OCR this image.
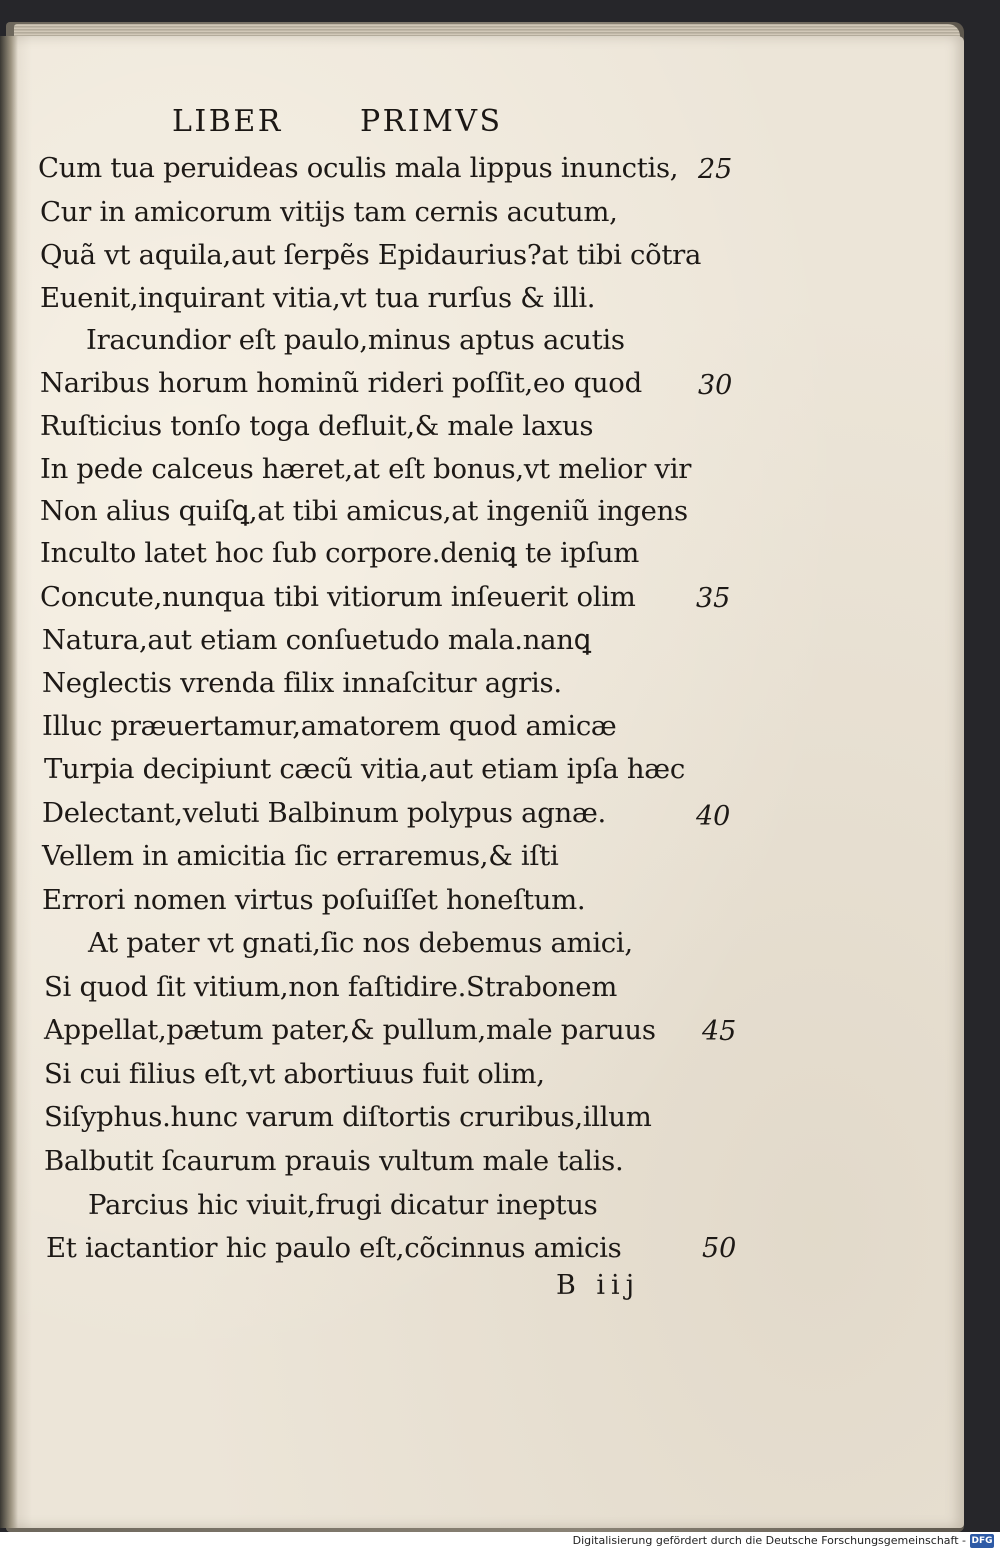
LIBER	PRIMVS
Cum tua peruideas oculis mala lippus inunctis,
Cur in amicorum vitijs tam cernis acutum,
Quã vt aquila,aut ſerpẽs Epidaurius?at tibi cõtra
Euenit,inquirant vitia,vt tua rurſus & illi.
Iracundior eſt paulo,minus aptus acutis
Naribus horum hominũ rideri poſſit,eo quod
Ruſticius tonſo toga defluit,& male laxus
In pede calceus hæret,at eſt bonus,vt melior vir
Non alius quiſꝗ,at tibi amicus,at ingeniũ ingens
Inculto latet hoc ſub corpore.deniꝗ te ipſum
Concute,nunqua tibi vitiorum inſeuerit olim
Natura,aut etiam conſuetudo mala.nanꝗ
Neglectis vrenda filix innaſcitur agris.
Illuc præuertamur,amatorem quod amicæ
Turpia decipiunt cæcũ vitia,aut etiam ipſa hæc
Delectant,veluti Balbinum polypus agnæ.
Vellem in amicitia ſic erraremus,& iſti
Errori nomen virtus poſuiſſet honeſtum.
At pater vt gnati,ſic nos debemus amici,
Si quod ſit vitium,non faſtidire.Strabonem
Appellat,pætum pater,& pullum,male paruus
Si cui filius eſt,vt abortiuus fuit olim,
Siſyphus.hunc varum diſtortis cruribus,illum
Balbutit ſcaurum prauis vultum male talis.
Parcius hic viuit,frugi dicatur ineptus
Et iactantior hic paulo eſt,cõcinnus amicis
25
30
35
40
45
50
B iij
Digitalisierung gefördert durch die Deutsche Forschungsgemeinschaft - DFG
